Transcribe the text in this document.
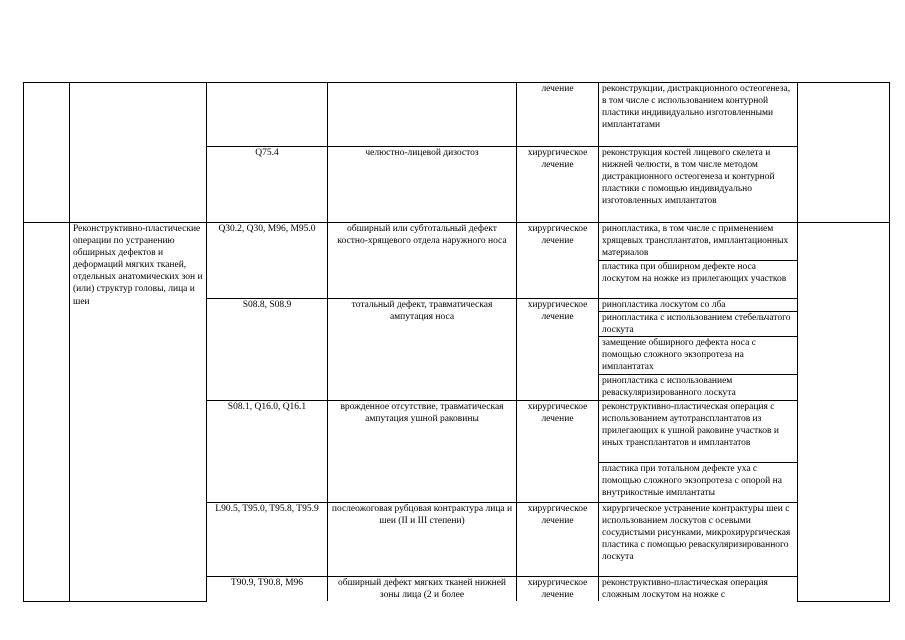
				лечение	реконструкции, дистракционного остеогенеза, в том числе с использованием контурной пластики индивидуально изготовленными имплантатами	

		Q75.4	челюстно-лицевой дизостоз	хирургическое лечение	реконструкция костей лицевого скелета и нижней челюсти, в том числе методом дистракционного остеогенеза и контурной пластики с помощью индивидуально изготовленных имплантатов	

	Реконструктивно-пластические операции по устранению обширных дефектов и деформаций мягких тканей, отдельных анатомических зон и (или) структур головы, лица и шеи	Q30.2, Q30, M96, M95.0	обширный или субтотальный дефект костно-хрящевого отдела наружного носа	хирургическое лечение	ринопластика, в том числе с применением хрящевых трансплантатов, имплантационных материалов
пластика при обширном дефекте носа лоскутом на ножке из прилегающих участков	

		S08.8, S08.9	тотальный дефект, травматическая ампутация носа	хирургическое лечение	ринопластика лоскутом со лба
ринопластика с использованием стебельчатого лоскута
замещение обширного дефекта носа с помощью сложного экзопротеза на имплантатах
ринопластика с использованием реваскуляризированного лоскута	

		S08.1, Q16.0, Q16.1	врожденное отсутствие, травматическая ампутация ушной раковины	хирургическое лечение	реконструктивно-пластическая операция с использованием аутотрансплантатов из прилегающих к ушной раковине участков и иных трансплантатов и имплантатов
пластика при тотальном дефекте уха с помощью сложного экзопротеза с опорой на внутрикостные имплантаты	

		L90.5, T95.0, T95.8, T95.9	послеожоговая рубцовая контрактура лица и шеи (II и III степени)	хирургическое лечение	хирургическое устранение контрактуры шеи с использованием лоскутов с осевыми сосудистыми рисунками, микрохирургическая пластика с помощью реваскуляризированного лоскута	

		T90.9, T90.8, M96	обширный дефект мягких тканей нижней зоны лица (2 и более	хирургическое лечение	реконструктивно-пластическая операция сложным лоскутом на ножке с	
